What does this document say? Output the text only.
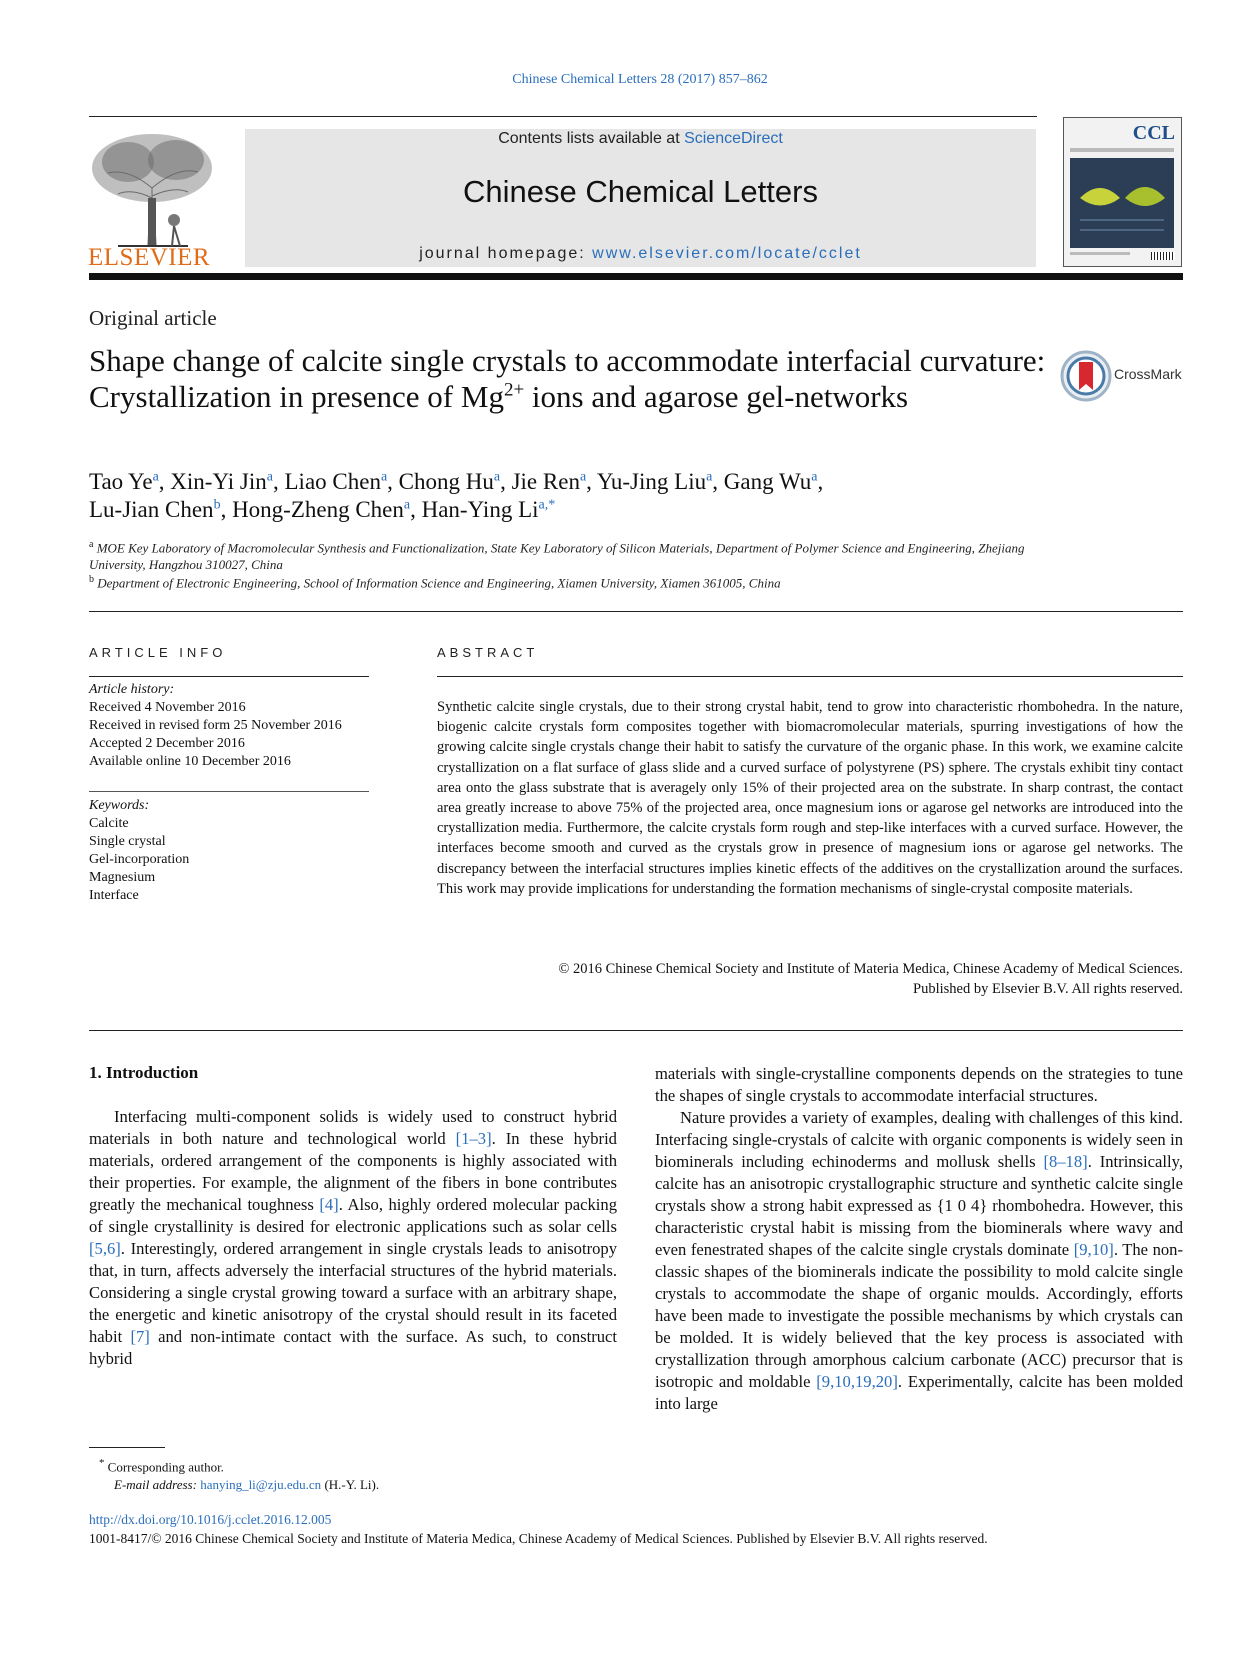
Chinese Chemical Letters 28 (2017) 857–862
ELSEVIER
Contents lists available at ScienceDirect
Chinese Chemical Letters
journal homepage: www.elsevier.com/locate/cclet
CCL
Original article
Shape change of calcite single crystals to accommodate interfacial curvature: Crystallization in presence of $Mg^{2+}$ ions and agarose gel-networks
CrossMark
Tao Ye$^a$, Xin-Yi Jin$^a$, Liao Chen$^a$, Chong Hu$^a$, Jie Ren$^a$, Yu-Jing Liu$^a$, Gang Wu$^a$,
Lu-Jian Chen$^b$, Hong-Zheng Chen$^a$, Han-Ying $Li^{a,*}$
$^a$ MOE Key Laboratory of Macromolecular Synthesis and Functionalization, State Key Laboratory of Silicon Materials, Department of Polymer Science and Engineering, Zhejiang University, Hangzhou 310027, China
$^b$ Department of Electronic Engineering, School of Information Science and Engineering, Xiamen University, Xiamen 361005, China
ARTICLE INFO
Article history:
Received 4 November 2016
Received in revised form 25 November 2016
Accepted 2 December 2016
Available online 10 December 2016
Keywords:
Calcite
Single crystal
Gel-incorporation
Magnesium
Interface
ABSTRACT
Synthetic calcite single crystals, due to their strong crystal habit, tend to grow into characteristic rhombohedra. In the nature, biogenic calcite crystals form composites together with biomacromolecular materials, spurring investigations of how the growing calcite single crystals change their habit to satisfy the curvature of the organic phase. In this work, we examine calcite crystallization on a flat surface of glass slide and a curved surface of polystyrene (PS) sphere. The crystals exhibit tiny contact area onto the glass substrate that is averagely only 15% of their projected area on the substrate. In sharp contrast, the contact area greatly increase to above 75% of the projected area, once magnesium ions or agarose gel networks are introduced into the crystallization media. Furthermore, the calcite crystals form rough and step-like interfaces with a curved surface. However, the interfaces become smooth and curved as the crystals grow in presence of magnesium ions or agarose gel networks. The discrepancy between the interfacial structures implies kinetic effects of the additives on the crystallization around the surfaces. This work may provide implications for understanding the formation mechanisms of single-crystal composite materials.
© 2016 Chinese Chemical Society and Institute of Materia Medica, Chinese Academy of Medical Sciences.
Published by Elsevier B.V. All rights reserved.
1. Introduction

Interfacing multi-component solids is widely used to construct hybrid materials in both nature and technological world [1–3]. In these hybrid materials, ordered arrangement of the components is highly associated with their properties. For example, the alignment of the fibers in bone contributes greatly the mechanical toughness [4]. Also, highly ordered molecular packing of single crystallinity is desired for electronic applications such as solar cells [5,6]. Interestingly, ordered arrangement in single crystals leads to anisotropy that, in turn, affects adversely the interfacial structures of the hybrid materials. Considering a single crystal growing toward a surface with an arbitrary shape, the energetic and kinetic anisotropy of the crystal should result in its faceted habit [7] and non-intimate contact with the surface. As such, to construct hybrid

materials with single-crystalline components depends on the strategies to tune the shapes of single crystals to accommodate interfacial structures.

Nature provides a variety of examples, dealing with challenges of this kind. Interfacing single-crystals of calcite with organic components is widely seen in biominerals including echinoderms and mollusk shells [8–18]. Intrinsically, calcite has an anisotropic crystallographic structure and synthetic calcite single crystals show a strong habit expressed as {1 0 4} rhombohedra. However, this characteristic crystal habit is missing from the biominerals where wavy and even fenestrated shapes of the calcite single crystals dominate [9,10]. The non-classic shapes of the biominerals indicate the possibility to mold calcite single crystals to accommodate the shape of organic moulds. Accordingly, efforts have been made to investigate the possible mechanisms by which crystals can be molded. It is widely believed that the key process is associated with crystallization through amorphous calcium carbonate (ACC) precursor that is isotropic and moldable [9,10,19,20]. Experimentally, calcite has been molded into large

* Corresponding author.
E-mail address: hanying_li@zju.edu.cn (H.-Y. Li).
http://dx.doi.org/10.1016/j.cclet.2016.12.005
1001-8417/© 2016 Chinese Chemical Society and Institute of Materia Medica, Chinese Academy of Medical Sciences. Published by Elsevier B.V. All rights reserved.
